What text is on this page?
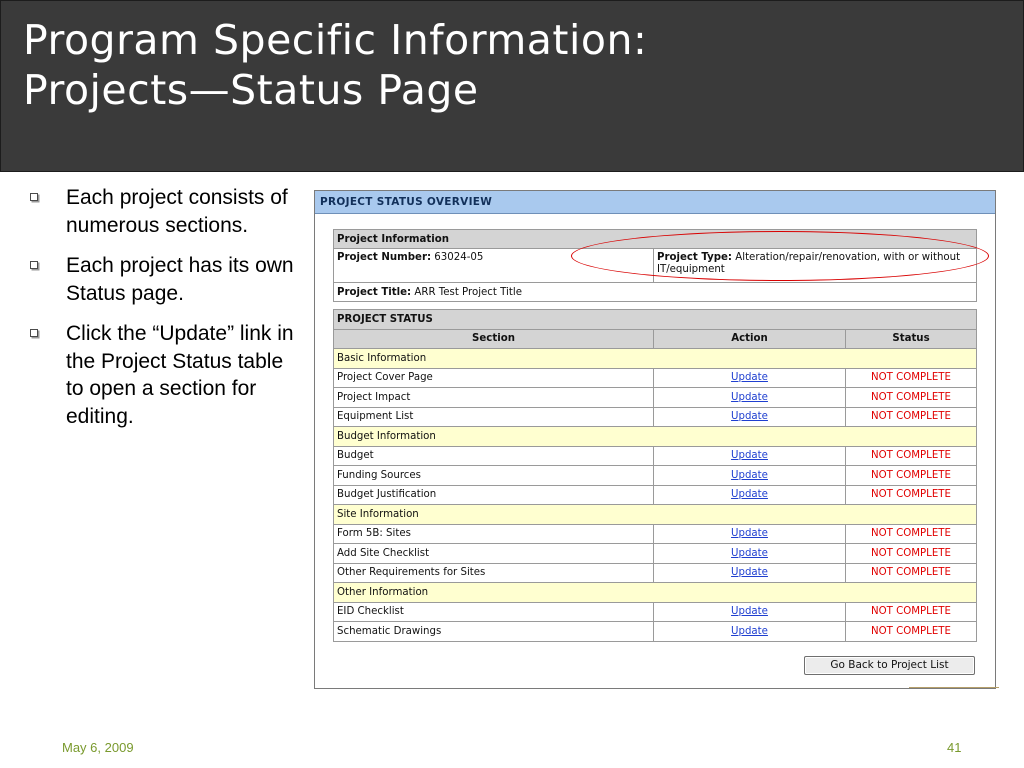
Program Specific Information:
Projects—Status Page
Each project consists of numerous sections.
Each project has its own Status page.
Click the “Update” link in the Project Status table to open a section for editing.
PROJECT STATUS OVERVIEW
Project Information
Project Number: 63024-05	Project Type: Alteration/repair/renovation, with or without IT/equipment
Project Title: ARR Test Project Title
PROJECT STATUS		
Section	Action	Status
Basic Information		
Project Cover Page	Update	NOT COMPLETE
Project Impact	Update	NOT COMPLETE
Equipment List	Update	NOT COMPLETE
Budget Information		
Budget	Update	NOT COMPLETE
Funding Sources	Update	NOT COMPLETE
Budget Justification	Update	NOT COMPLETE
Site Information		
Form 5B: Sites	Update	NOT COMPLETE
Add Site Checklist	Update	NOT COMPLETE
Other Requirements for Sites	Update	NOT COMPLETE
Other Information		
EID Checklist	Update	NOT COMPLETE
Schematic Drawings	Update	NOT COMPLETE
Go Back to Project List
May 6, 2009	41
